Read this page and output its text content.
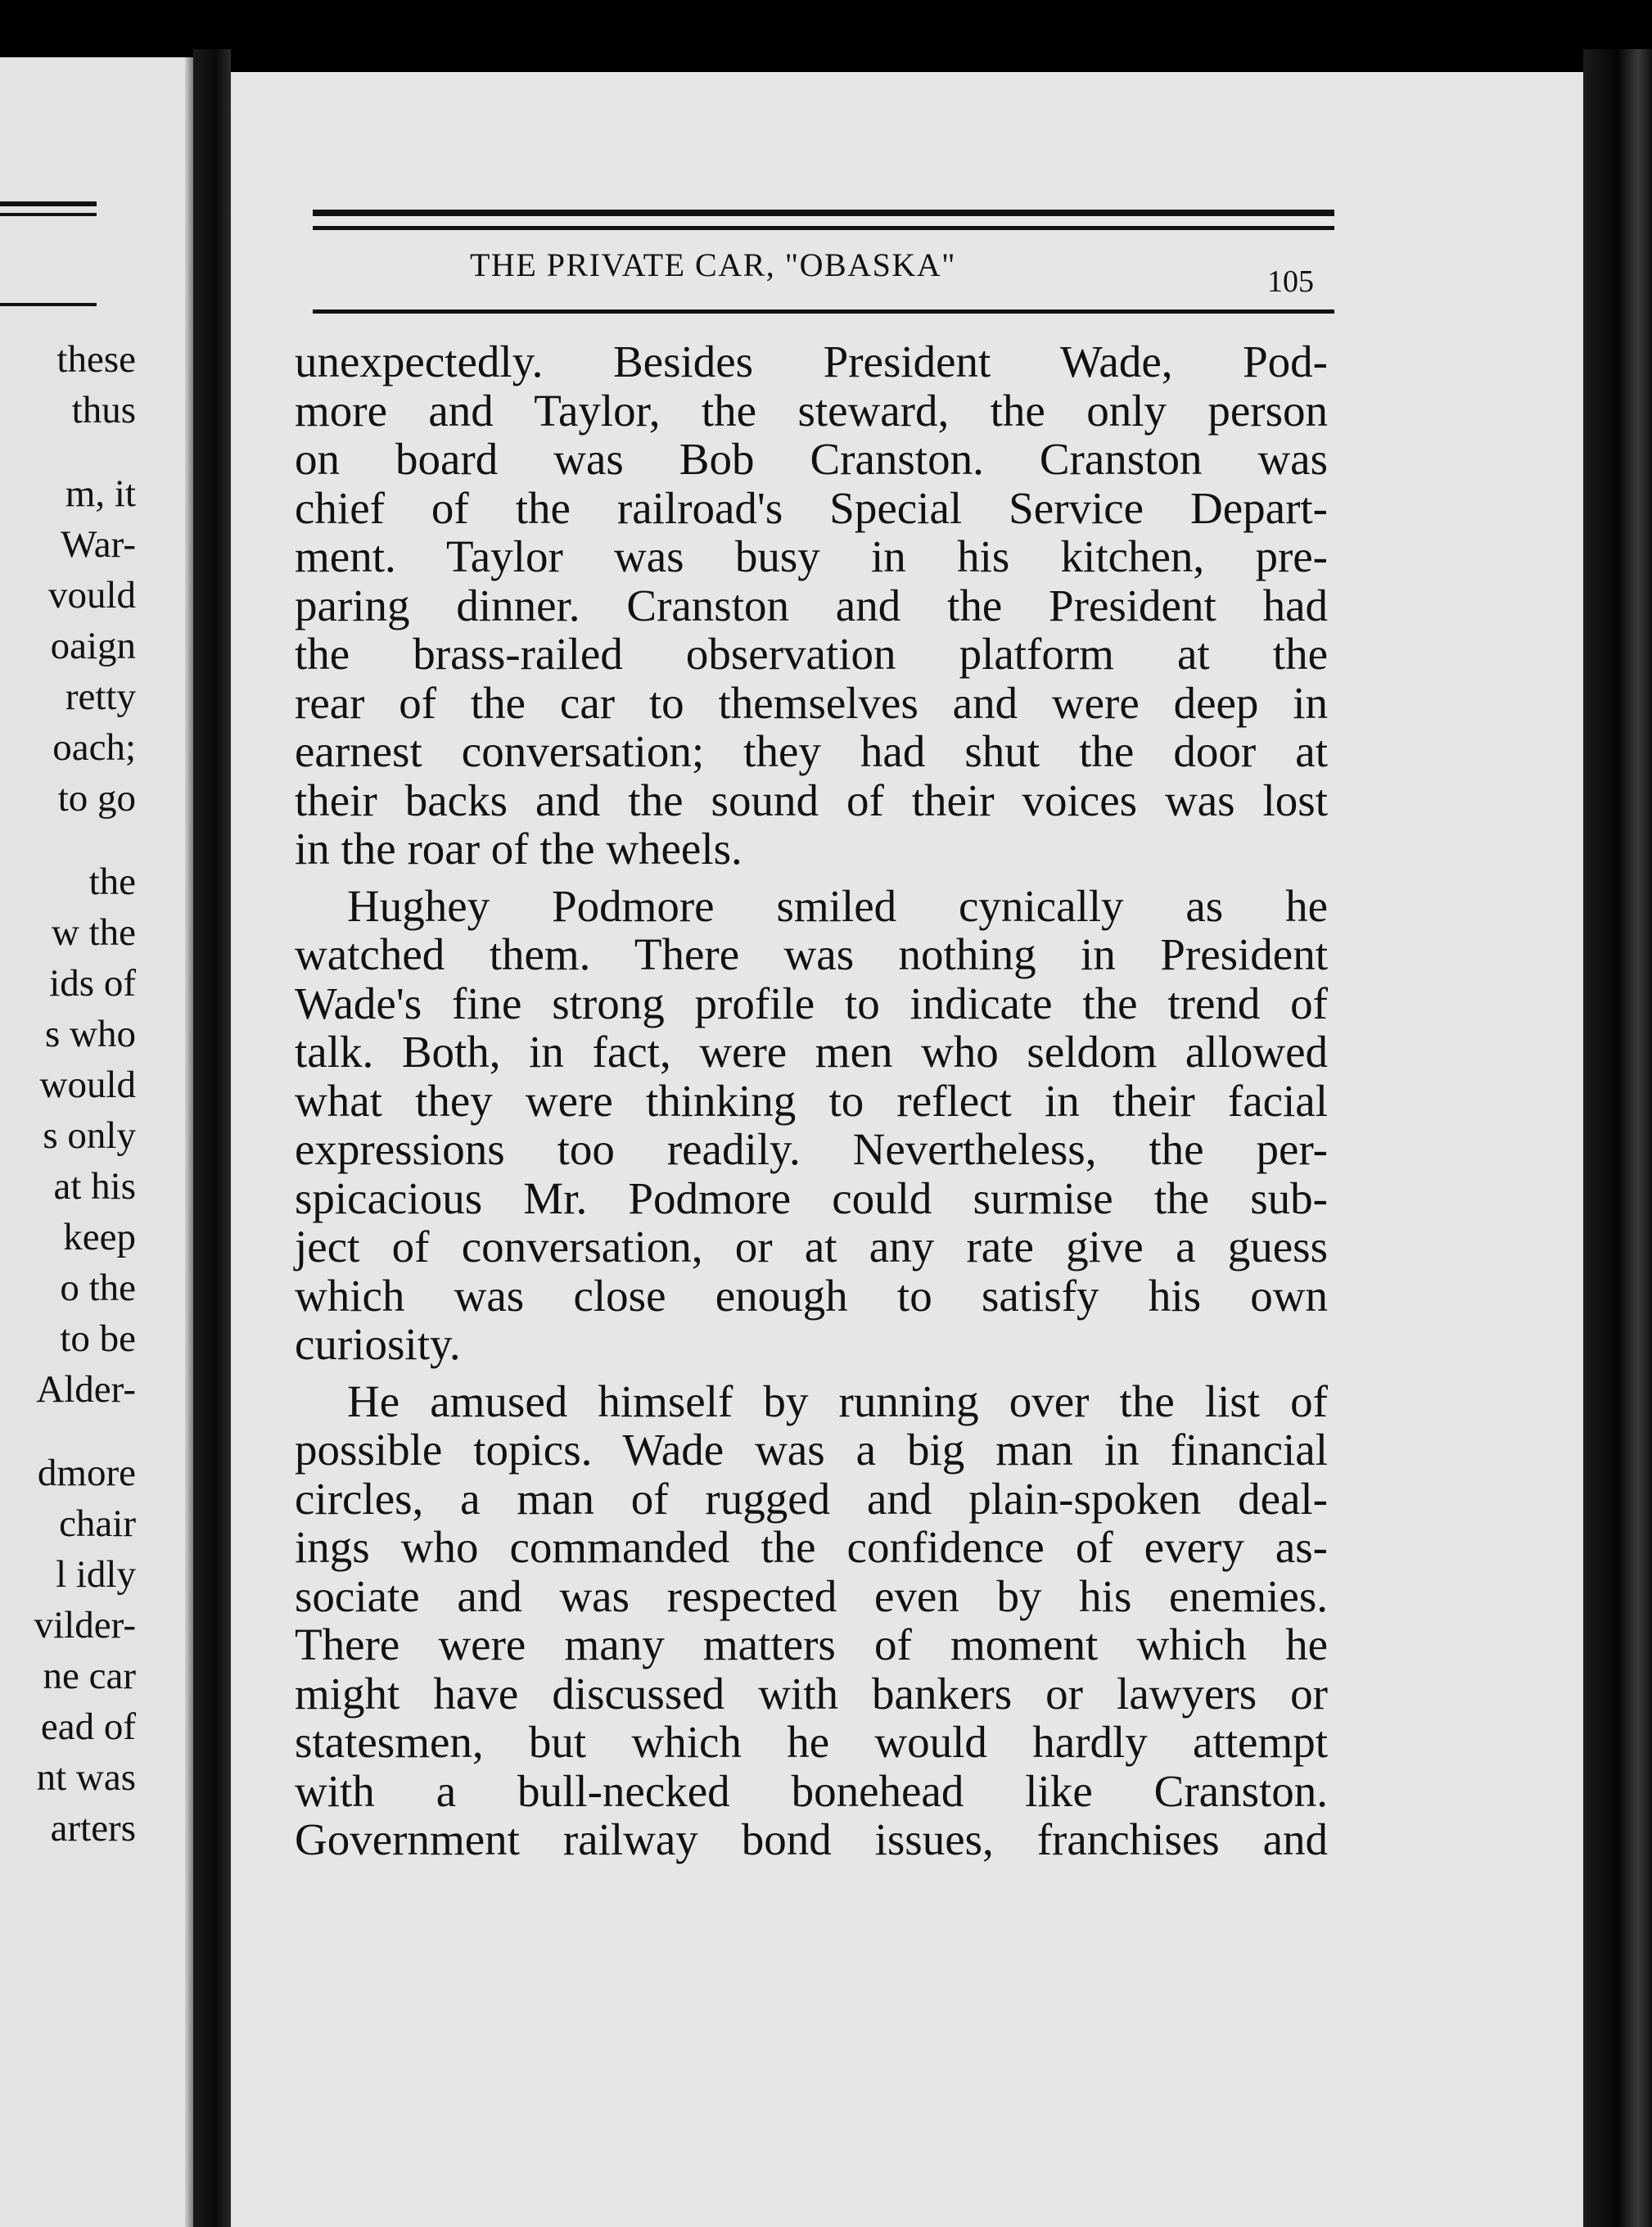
these
thus
m, it
War-
vould
oaign
retty
oach;
to go
the
w the
ids of
s who
would
s only
at his
keep
o the
to be
Alder-
dmore
chair
l idly
vilder-
ne car
ead of
nt was
arters
THE PRIVATE CAR, "OBASKA"	105
unexpectedly. Besides President Wade, Pod-
more and Taylor, the steward, the only person
on board was Bob Cranston. Cranston was
chief of the railroad's Special Service Depart-
ment. Taylor was busy in his kitchen, pre-
paring dinner. Cranston and the President had
the brass-railed observation platform at the
rear of the car to themselves and were deep in
earnest conversation; they had shut the door at
their backs and the sound of their voices was lost
in the roar of the wheels.
Hughey Podmore smiled cynically as he
watched them. There was nothing in President
Wade's fine strong profile to indicate the trend of
talk. Both, in fact, were men who seldom allowed
what they were thinking to reflect in their facial
expressions too readily. Nevertheless, the per-
spicacious Mr. Podmore could surmise the sub-
ject of conversation, or at any rate give a guess
which was close enough to satisfy his own
curiosity.
He amused himself by running over the list of
possible topics. Wade was a big man in financial
circles, a man of rugged and plain-spoken deal-
ings who commanded the confidence of every as-
sociate and was respected even by his enemies.
There were many matters of moment which he
might have discussed with bankers or lawyers or
statesmen, but which he would hardly attempt
with a bull-necked bonehead like Cranston.
Government railway bond issues, franchises and
